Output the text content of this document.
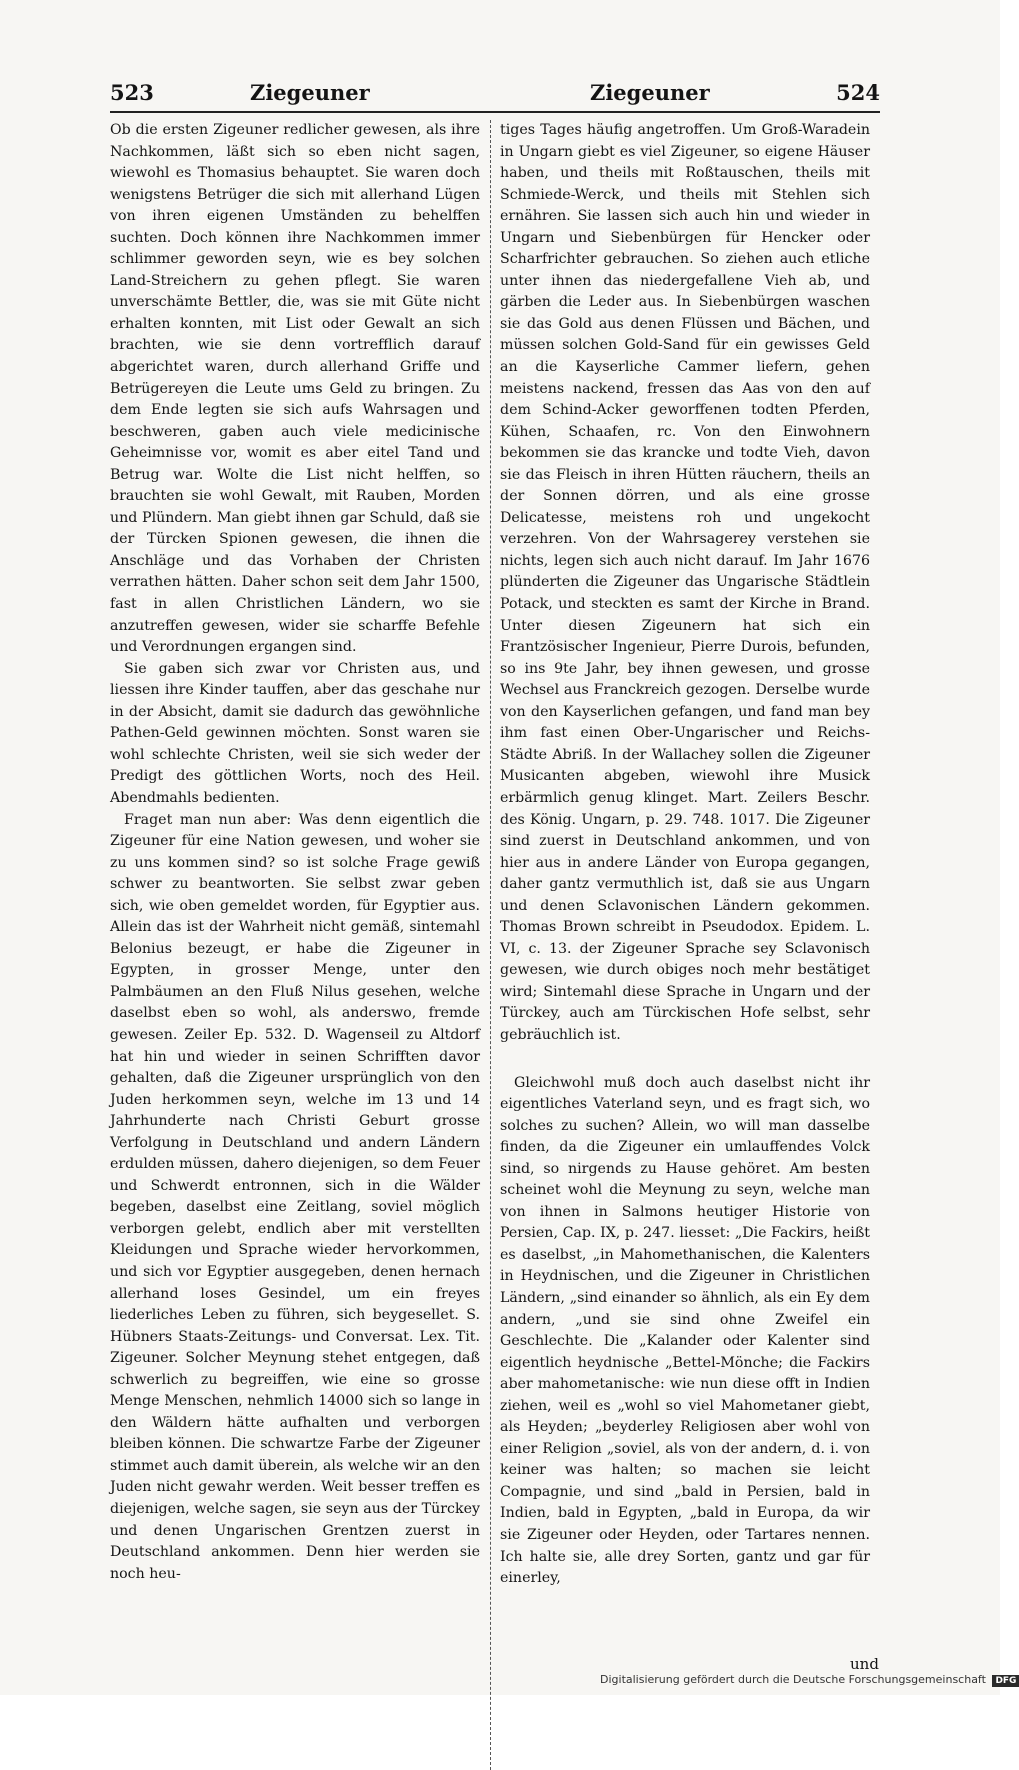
523	Ziegeuner	Ziegeuner	524

Ob die ersten Zigeuner redlicher gewesen, als ihre Nachkommen, läßt sich so eben nicht sagen, wiewohl es Thomasius behauptet. Sie waren doch wenigstens Betrüger die sich mit allerhand Lügen von ihren eigenen Umständen zu behelffen suchten. Doch können ihre Nachkommen immer schlimmer geworden seyn, wie es bey solchen Land-Streichern zu gehen pflegt. Sie waren unverschämte Bettler, die, was sie mit Güte nicht erhalten konnten, mit List oder Gewalt an sich brachten, wie sie denn vortrefflich darauf abgerichtet waren, durch allerhand Griffe und Betrügereyen die Leute ums Geld zu bringen. Zu dem Ende legten sie sich aufs Wahrsagen und beschweren, gaben auch viele medicinische Geheimnisse vor, womit es aber eitel Tand und Betrug war. Wolte die List nicht helffen, so brauchten sie wohl Gewalt, mit Rauben, Morden und Plündern. Man giebt ihnen gar Schuld, daß sie der Türcken Spionen gewesen, die ihnen die Anschläge und das Vorhaben der Christen verrathen hätten. Daher schon seit dem Jahr 1500, fast in allen Christlichen Ländern, wo sie anzutreffen gewesen, wider sie scharffe Befehle und Verordnungen ergangen sind.

Sie gaben sich zwar vor Christen aus, und liessen ihre Kinder tauffen, aber das geschahe nur in der Absicht, damit sie dadurch das gewöhnliche Pathen-Geld gewinnen möchten. Sonst waren sie wohl schlechte Christen, weil sie sich weder der Predigt des göttlichen Worts, noch des Heil. Abendmahls bedienten.

Fraget man nun aber: Was denn eigentlich die Zigeuner für eine Nation gewesen, und woher sie zu uns kommen sind? so ist solche Frage gewiß schwer zu beantworten. Sie selbst zwar geben sich, wie oben gemeldet worden, für Egyptier aus. Allein das ist der Wahrheit nicht gemäß, sintemahl Belonius bezeugt, er habe die Zigeuner in Egypten, in grosser Menge, unter den Palmbäumen an den Fluß Nilus gesehen, welche daselbst eben so wohl, als anderswo, fremde gewesen. Zeiler Ep. 532. D. Wagenseil zu Altdorf hat hin und wieder in seinen Schrifften davor gehalten, daß die Zigeuner ursprünglich von den Juden herkommen seyn, welche im 13 und 14 Jahrhunderte nach Christi Geburt grosse Verfolgung in Deutschland und andern Ländern erdulden müssen, dahero diejenigen, so dem Feuer und Schwerdt entronnen, sich in die Wälder begeben, daselbst eine Zeitlang, soviel möglich verborgen gelebt, endlich aber mit verstellten Kleidungen und Sprache wieder hervorkommen, und sich vor Egyptier ausgegeben, denen hernach allerhand loses Gesindel, um ein freyes liederliches Leben zu führen, sich beygesellet. S. Hübners Staats-Zeitungs- und Conversat. Lex. Tit. Zigeuner. Solcher Meynung stehet entgegen, daß schwerlich zu begreiffen, wie eine so grosse Menge Menschen, nehmlich 14000 sich so lange in den Wäldern hätte aufhalten und verborgen bleiben können. Die schwartze Farbe der Zigeuner stimmet auch damit überein, als welche wir an den Juden nicht gewahr werden. Weit besser treffen es diejenigen, welche sagen, sie seyn aus der Türckey und denen Ungarischen Grentzen zuerst in Deutschland ankommen. Denn hier werden sie noch heu-

tiges Tages häufig angetroffen. Um Groß-Waradein in Ungarn giebt es viel Zigeuner, so eigene Häuser haben, und theils mit Roßtauschen, theils mit Schmiede-Werck, und theils mit Stehlen sich ernähren. Sie lassen sich auch hin und wieder in Ungarn und Siebenbürgen für Hencker oder Scharfrichter gebrauchen. So ziehen auch etliche unter ihnen das niedergefallene Vieh ab, und gärben die Leder aus. In Siebenbürgen waschen sie das Gold aus denen Flüssen und Bächen, und müssen solchen Gold-Sand für ein gewisses Geld an die Kayserliche Cammer liefern, gehen meistens nackend, fressen das Aas von den auf dem Schind-Acker geworffenen todten Pferden, Kühen, Schaafen, rc. Von den Einwohnern bekommen sie das krancke und todte Vieh, davon sie das Fleisch in ihren Hütten räuchern, theils an der Sonnen dörren, und als eine grosse Delicatesse, meistens roh und ungekocht verzehren. Von der Wahrsagerey verstehen sie nichts, legen sich auch nicht darauf. Im Jahr 1676 plünderten die Zigeuner das Ungarische Städtlein Potack, und steckten es samt der Kirche in Brand. Unter diesen Zigeunern hat sich ein Frantzösischer Ingenieur, Pierre Durois, befunden, so ins 9te Jahr, bey ihnen gewesen, und grosse Wechsel aus Franckreich gezogen. Derselbe wurde von den Kayserlichen gefangen, und fand man bey ihm fast einen Ober-Ungarischer und Reichs-Städte Abriß. In der Wallachey sollen die Zigeuner Musicanten abgeben, wiewohl ihre Musick erbärmlich genug klinget. Mart. Zeilers Beschr. des König. Ungarn, p. 29. 748. 1017. Die Zigeuner sind zuerst in Deutschland ankommen, und von hier aus in andere Länder von Europa gegangen, daher gantz vermuthlich ist, daß sie aus Ungarn und denen Sclavonischen Ländern gekommen. Thomas Brown schreibt in Pseudodox. Epidem. L. VI, c. 13. der Zigeuner Sprache sey Sclavonisch gewesen, wie durch obiges noch mehr bestätiget wird; Sintemahl diese Sprache in Ungarn und der Türckey, auch am Türckischen Hofe selbst, sehr gebräuchlich ist.

Gleichwohl muß doch auch daselbst nicht ihr eigentliches Vaterland seyn, und es fragt sich, wo solches zu suchen? Allein, wo will man dasselbe finden, da die Zigeuner ein umlauffendes Volck sind, so nirgends zu Hause gehöret. Am besten scheinet wohl die Meynung zu seyn, welche man von ihnen in Salmons heutiger Historie von Persien, Cap. IX, p. 247. liesset: „Die Fackirs, heißt es daselbst, „in Mahomethanischen, die Kalenters in Heydnischen, und die Zigeuner in Christlichen Ländern, „sind einander so ähnlich, als ein Ey dem andern, „und sie sind ohne Zweifel ein Geschlechte. Die „Kalander oder Kalenter sind eigentlich heydnische „Bettel-Mönche; die Fackirs aber mahometanische: wie nun diese offt in Indien ziehen, weil es „wohl so viel Mahometaner giebt, als Heyden; „beyderley Religiosen aber wohl von einer Religion „soviel, als von der andern, d. i. von keiner was halten; so machen sie leicht Compagnie, und sind „bald in Persien, bald in Indien, bald in Egypten, „bald in Europa, da wir sie Zigeuner oder Heyden, oder Tartares nennen. Ich halte sie, alle drey Sorten, gantz und gar für einerley,

und
Digitalisierung gefördert durch die Deutsche Forschungsgemeinschaft DFG
